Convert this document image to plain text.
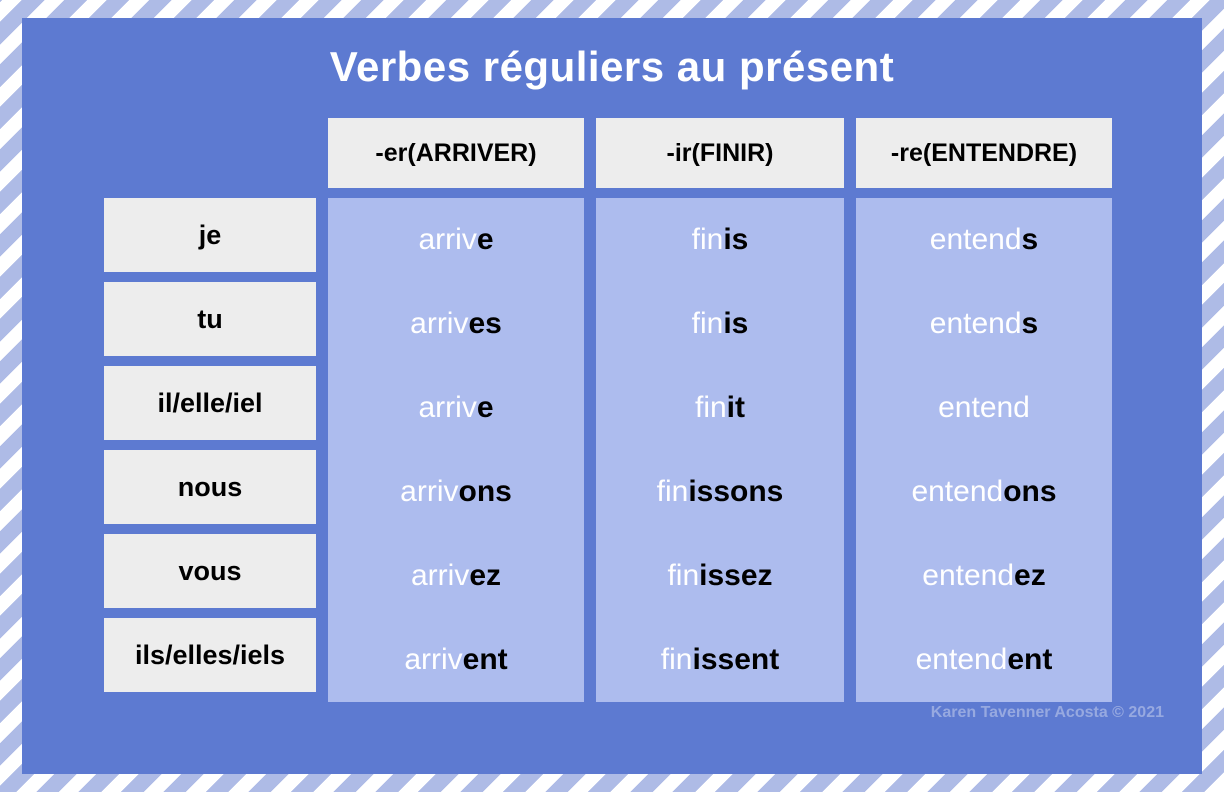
Verbes réguliers au présent
-er (ARRIVER)	-ir (FINIR)	-re (ENTENDRE)
je
tu
il/elle/iel
nous
vous
ils/elles/iels
arriv e
arriv es
arriv e
arriv ons
arriv ez
arriv ent
fin is
fin is
fin it
fin issons
fin issez
fin issent
entend s
entend s
entend
entend ons
entend ez
entend ent
Karen Tavenner Acosta © 2021
